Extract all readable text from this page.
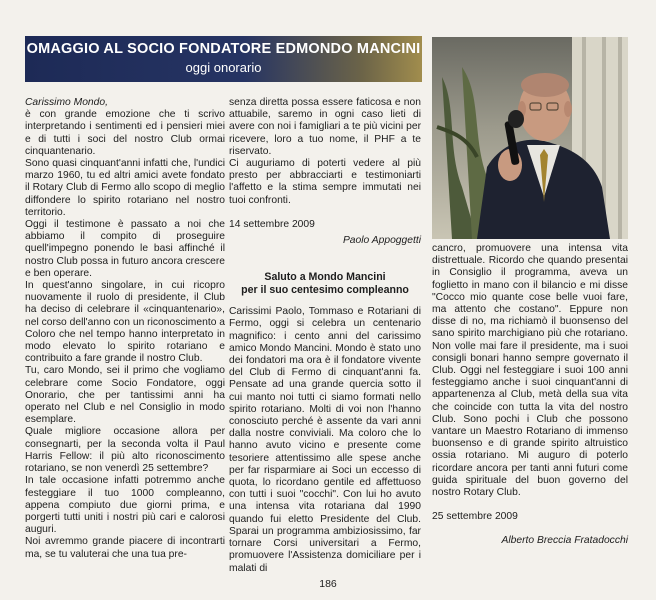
OMAGGIO AL SOCIO FONDATORE EDMONDO MANCINI
oggi onorario

Carissimo Mondo,

è con grande emozione che ti scrivo interpretando i sentimenti ed i pensieri miei e di tutti i soci del nostro Club ormai cinquantenario.

Sono quasi cinquant'anni infatti che, l'undici marzo 1960, tu ed altri amici avete fondato il Rotary Club di Fermo allo scopo di meglio diffondere lo spirito rotariano nel nostro territorio.

Oggi il testimone è passato a noi che abbiamo il compito di proseguire quell'impegno ponendo le basi affinché il nostro Club possa in futuro ancora crescere e ben operare.

In quest'anno singolare, in cui ricopro nuovamente il ruolo di presidente, il Club ha deciso di celebrare il «cinquantenario», nel corso dell'anno con un riconoscimento a Coloro che nel tempo hanno interpretato in modo elevato lo spirito rotariano e contribuito a fare grande il nostro Club.

Tu, caro Mondo, sei il primo che vogliamo celebrare come Socio Fondatore, oggi Onorario, che per tantissimi anni ha operato nel Club e nel Consiglio in modo esemplare.

Quale migliore occasione allora per consegnarti, per la seconda volta il Paul Harris Fellow: il più alto riconoscimento rotariano, se non venerdì 25 settembre?

In tale occasione infatti potremmo anche festeggiare il tuo 1000 compleanno, appena compiuto due giorni prima, e porgerti tutti uniti i nostri più cari e calorosi auguri.

Noi avremmo grande piacere di incontrarti ma, se tu valuterai che una tua pre-

senza diretta possa essere faticosa e non attuabile, saremo in ogni caso lieti di avere con noi i famigliari a te più vicini per ricevere, loro a tuo nome, il PHF a te riservato.

Ci auguriamo di poterti vedere al più presto per abbracciarti e testimoniarti l'affetto e la stima sempre immutati nei tuoi confronti.

14 settembre 2009

Paolo Appoggetti

Saluto a Mondo Mancini

per il suo centesimo compleanno

Carissimi Paolo, Tommaso e Rotariani di Fermo, oggi si celebra un centenario magnifico: i cento anni del carissimo amico Mondo Mancini. Mondo è stato uno dei fondatori ma ora è il fondatore vivente del Club di Fermo di cinquant'anni fa. Pensate ad una grande quercia sotto il cui manto noi tutti ci siamo formati nello spirito rotariano. Molti di voi non l'hanno conosciuto perché è assente da vari anni dalla nostre conviviali. Ma coloro che lo hanno avuto vicino e presente come tesoriere attentissimo alle spese anche per far risparmiare ai Soci un eccesso di quota, lo ricordano gentile ed affettuoso con tutti i suoi "cocchi". Con lui ho avuto una intensa vita rotariana dal 1990 quando fui eletto Presidente del Club. Sparai un programma ambiziosissimo, far tornare Corsi universitari a Fermo, promuovere l'Assistenza domiciliare per i malati di

cancro, promuovere una intensa vita distrettuale. Ricordo che quando presentai in Consiglio il programma, aveva un foglietto in mano con il bilancio e mi disse "Cocco mio quante cose belle vuoi fare, ma attento che costano". Eppure non disse di no, ma richiamò il buonsenso del sano spirito marchigiano più che rotariano. Non volle mai fare il presidente, ma i suoi consigli bonari hanno sempre governato il Club. Oggi nel festeggiare i suoi 100 anni festeggiamo anche i suoi cinquant'anni di appartenenza al Club, metà della sua vita che coincide con tutta la vita del nostro Club. Sono pochi i Club che possono vantare un Maestro Rotariano di immenso buonsenso e di grande spirito altruistico ossia rotariano. Mi auguro di poterlo ricordare ancora per tanti anni futuri come guida spirituale del buon governo del nostro Rotary Club.

25 settembre 2009

Alberto Breccia Fratadocchi

186
